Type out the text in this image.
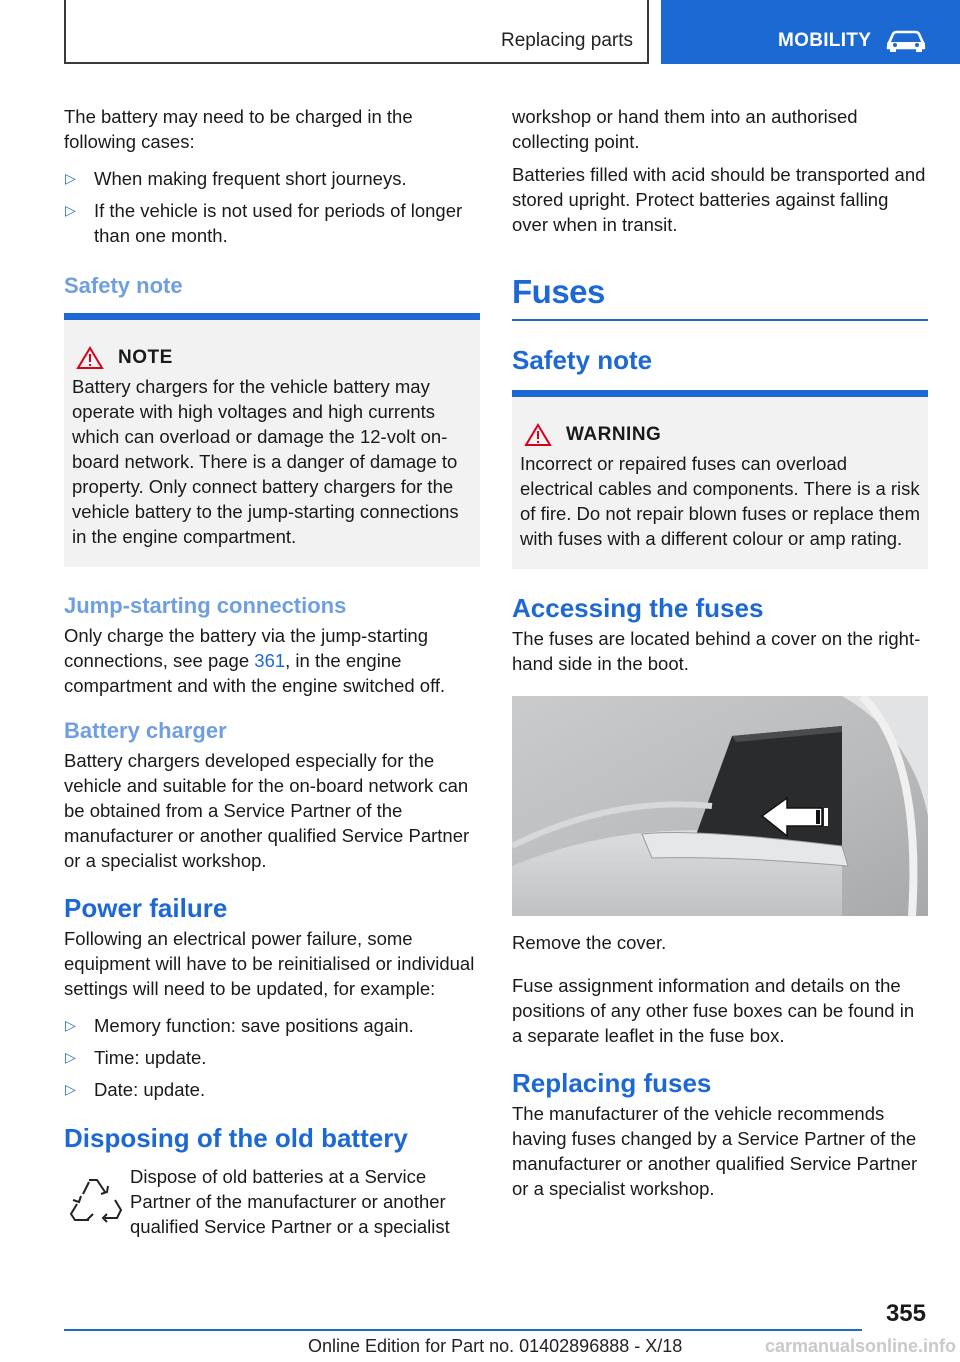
Replacing parts	MOBILITY

The battery may need to be charged in the following cases:

▷ When making frequent short journeys.
▷ If the vehicle is not used for periods of longer than one month.
Safety note
NOTE

Battery chargers for the vehicle battery may operate with high voltages and high currents which can overload or damage the 12-volt on-board network. There is a danger of damage to property. Only connect battery chargers for the vehicle battery to the jump-starting connections in the engine compartment.

Jump-starting connections

Only charge the battery via the jump-starting connections, see page 361, in the engine compartment and with the engine switched off.

Battery charger

Battery chargers developed especially for the vehicle and suitable for the on-board network can be obtained from a Service Partner of the manufacturer or another qualified Service Partner or a specialist workshop.

Power failure

Following an electrical power failure, some equipment will have to be reinitialised or individual settings will need to be updated, for example:

▷ Memory function: save positions again.
▷ Time: update.
▷ Date: update.
Disposing of the old battery

Dispose of old batteries at a Service Partner of the manufacturer or another qualified Service Partner or a specialist

workshop or hand them into an authorised collecting point.

Batteries filled with acid should be transported and stored upright. Protect batteries against falling over when in transit.

Fuses
Safety note
WARNING

Incorrect or repaired fuses can overload electrical cables and components. There is a risk of fire. Do not repair blown fuses or replace them with fuses with a different colour or amp rating.

Accessing the fuses

The fuses are located behind a cover on the right-hand side in the boot.

Remove the cover.

Fuse assignment information and details on the positions of any other fuse boxes can be found in a separate leaflet in the fuse box.

Replacing fuses

The manufacturer of the vehicle recommends having fuses changed by a Service Partner of the manufacturer or another qualified Service Partner or a specialist workshop.

355
Online Edition for Part no. 01402896888 - X/18	carmanualsonline.info
